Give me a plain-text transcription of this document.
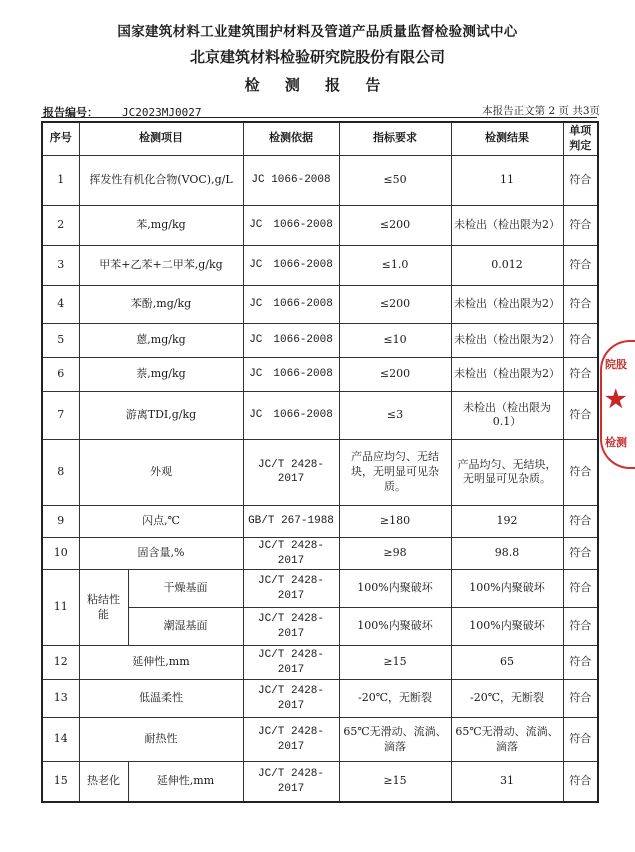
国家建筑材料工业建筑围护材料及管道产品质量监督检验测试中心
北京建筑材料检验研究院股份有限公司
检 测 报 告
报告编号： JC2023MJ0027	本报告正文第 2 页 共3页
序号	检测项目		检测依据	指标要求	检测结果	单项判定
1	挥发性有机化合物(VOC),g/L		JC 1066-2008	≤50	11	符合
2	苯,mg/kg		JC　1066-2008	≤200	未检出（检出限为2）	符合
3	甲苯+乙苯+二甲苯,g/kg		JC　1066-2008	≤1.0	0.012	符合
4	苯酚,mg/kg		JC　1066-2008	≤200	未检出（检出限为2）	符合
5	蒽,mg/kg		JC　1066-2008	≤10	未检出（检出限为2）	符合
6	萘,mg/kg		JC　1066-2008	≤200	未检出（检出限为2）	符合
7	游离TDI,g/kg		JC　1066-2008	≤3	未检出（检出限为0.1）	符合
8	外观		JC/T 2428-2017	产品应均匀、无结块，无明显可见杂质。	产品均匀、无结块，无明显可见杂质。	符合
9	闪点,℃		GB/T 267-1988	≥180	192	符合
10	固含量,%		JC/T 2428-2017	≥98	98.8	符合
11	粘结性能	干燥基面	JC/T 2428-2017	100%内聚破坏	100%内聚破坏	符合
		潮湿基面	JC/T 2428-2017	100%内聚破坏	100%内聚破坏	符合
12	延伸性,mm		JC/T 2428-2017	≥15	65	符合
13	低温柔性		JC/T 2428-2017	-20℃，无断裂	-20℃，无断裂	符合
14	耐热性		JC/T 2428-2017	65℃无滑动、流淌、滴落	65℃无滑动、流淌、滴落	符合
15	热老化	延伸性,mm	JC/T 2428-2017	≥15	31	符合
院股
★
检测
